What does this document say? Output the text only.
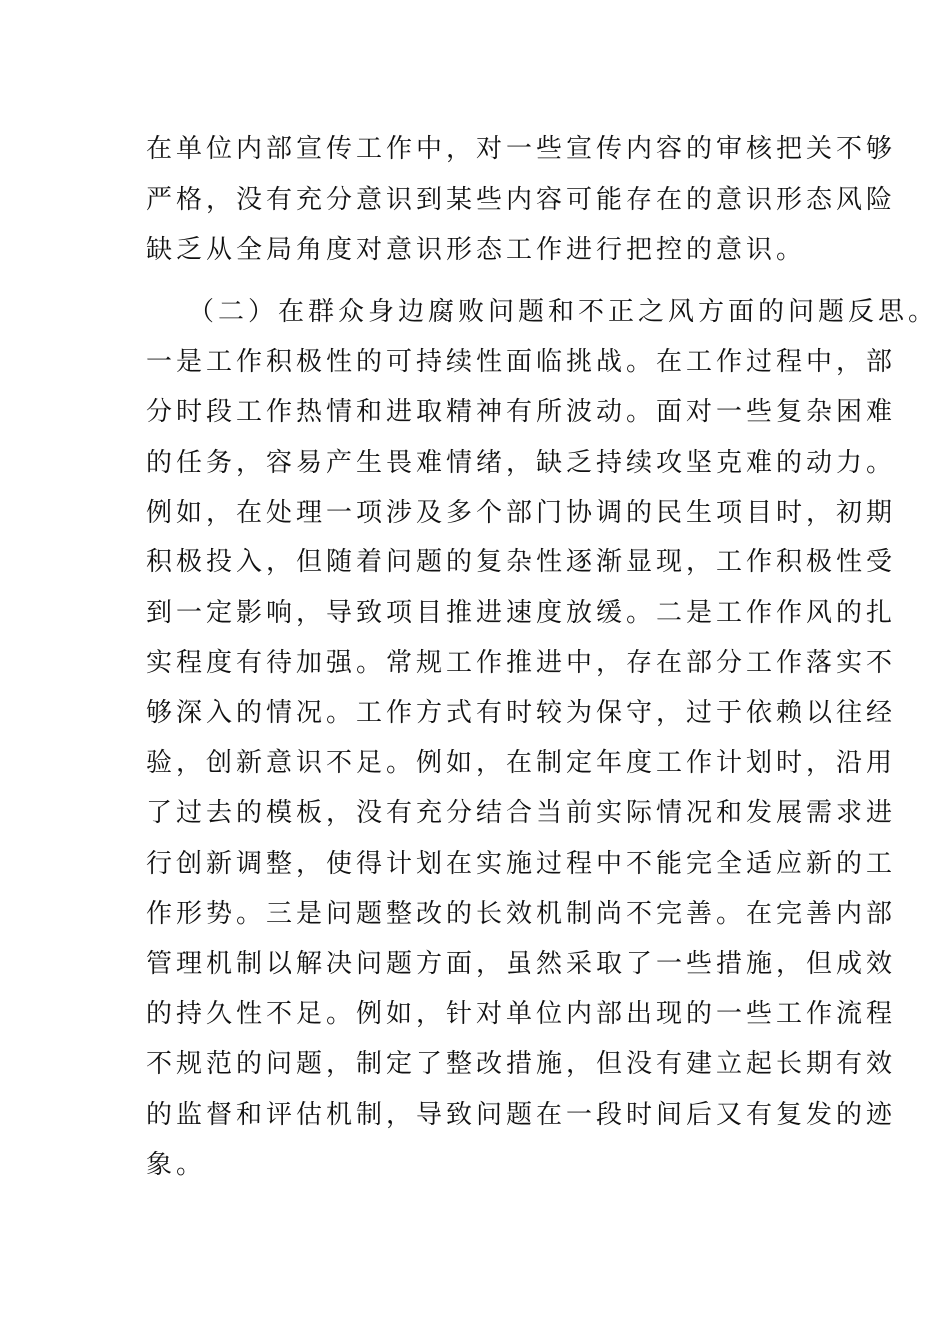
在单位内部宣传工作中，对一些宣传内容的审核把关不够
严格，没有充分意识到某些内容可能存在的意识形态风险
缺乏从全局角度对意识形态工作进行把控的意识。
（二）在群众身边腐败问题和不正之风方面的问题反思。
一是工作积极性的可持续性面临挑战。在工作过程中，部
分时段工作热情和进取精神有所波动。面对一些复杂困难
的任务，容易产生畏难情绪，缺乏持续攻坚克难的动力。
例如，在处理一项涉及多个部门协调的民生项目时，初期
积极投入，但随着问题的复杂性逐渐显现，工作积极性受
到一定影响，导致项目推进速度放缓。二是工作作风的扎
实程度有待加强。常规工作推进中，存在部分工作落实不
够深入的情况。工作方式有时较为保守，过于依赖以往经
验，创新意识不足。例如，在制定年度工作计划时，沿用
了过去的模板，没有充分结合当前实际情况和发展需求进
行创新调整，使得计划在实施过程中不能完全适应新的工
作形势。三是问题整改的长效机制尚不完善。在完善内部
管理机制以解决问题方面，虽然采取了一些措施，但成效
的持久性不足。例如，针对单位内部出现的一些工作流程
不规范的问题，制定了整改措施，但没有建立起长期有效
的监督和评估机制，导致问题在一段时间后又有复发的迹
象。
